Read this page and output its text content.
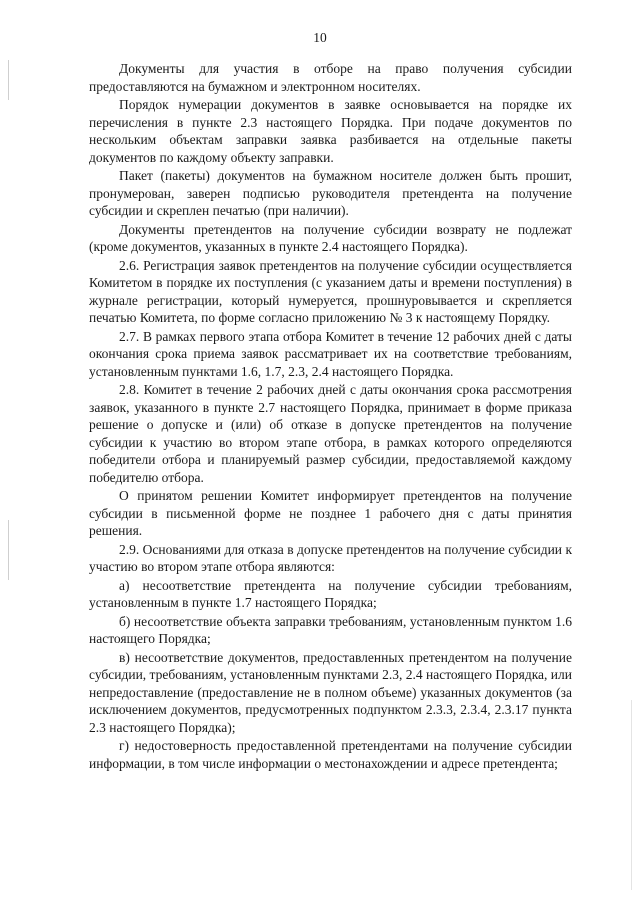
10

Документы для участия в отборе на право получения субсидии предоставляются на бумажном и электронном носителях.

Порядок нумерации документов в заявке основывается на порядке их перечисления в пункте 2.3 настоящего Порядка. При подаче документов по нескольким объектам заправки заявка разбивается на отдельные пакеты документов по каждому объекту заправки.

Пакет (пакеты) документов на бумажном носителе должен быть прошит, пронумерован, заверен подписью руководителя претендента на получение субсидии и скреплен печатью (при наличии).

Документы претендентов на получение субсидии возврату не подлежат (кроме документов, указанных в пункте 2.4 настоящего Порядка).

2.6. Регистрация заявок претендентов на получение субсидии осуществляется Комитетом в порядке их поступления (с указанием даты и времени поступления) в журнале регистрации, который нумеруется, прошнуровывается и скрепляется печатью Комитета, по форме согласно приложению № 3 к настоящему Порядку.

2.7. В рамках первого этапа отбора Комитет в течение 12 рабочих дней с даты окончания срока приема заявок рассматривает их на соответствие требованиям, установленным пунктами 1.6, 1.7, 2.3, 2.4 настоящего Порядка.

2.8. Комитет в течение 2 рабочих дней с даты окончания срока рассмотрения заявок, указанного в пункте 2.7 настоящего Порядка, принимает в форме приказа решение о допуске и (или) об отказе в допуске претендентов на получение субсидии к участию во втором этапе отбора, в рамках которого определяются победители отбора и планируемый размер субсидии, предоставляемой каждому победителю отбора.

О принятом решении Комитет информирует претендентов на получение субсидии в письменной форме не позднее 1 рабочего дня с даты принятия решения.

2.9. Основаниями для отказа в допуске претендентов на получение субсидии к участию во втором этапе отбора являются:

а) несоответствие претендента на получение субсидии требованиям, установленным в пункте 1.7 настоящего Порядка;

б) несоответствие объекта заправки требованиям, установленным пунктом 1.6 настоящего Порядка;

в) несоответствие документов, предоставленных претендентом на получение субсидии, требованиям, установленным пунктами 2.3, 2.4 настоящего Порядка, или непредоставление (предоставление не в полном объеме) указанных документов (за исключением документов, предусмотренных подпунктом 2.3.3, 2.3.4, 2.3.17 пункта 2.3 настоящего Порядка);

г) недостоверность предоставленной претендентами на получение субсидии информации, в том числе информации о местонахождении и адресе претендента;
